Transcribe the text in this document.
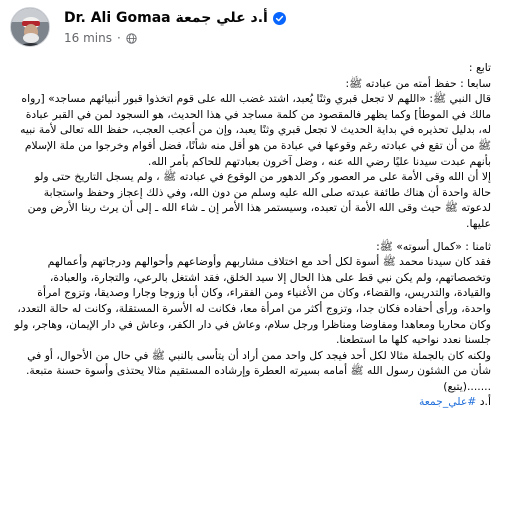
Dr. Ali Gomaa أ.د علي جمعة
16 mins ·

تابع :

سابعا : حفظ أمته من عبادته ﷺ:

قال النبي ﷺ: «اللهم لا تجعل قبري وثنًا يُعبد، اشتد غضب الله على قوم اتخذوا قبور أنبيائهم مساجد» [رواه مالك في الموطأ] وكما يظهر فالمقصود من كلمة مساجد في هذا الحديث، هو السجود لمن في القبر عبادة له، بدليل تحذيره في بداية الحديث لا تجعل قبري وثنًا يعبد، وإن من أعجب العجب، حفظ الله تعالى لأمة نبيه ﷺ من أن تقع في عبادته رغم وقوعها في عبادة من هو أقل منه شأنًا، فضل أقوام وخرجوا من ملة الإسلام بأنهم عبدت سيدنا عليًا رضي الله عنه ، وضل آخرون بعبادتهم للحاكم بأمر الله.

إلا أن الله وقى الأمة على مر العصور وكر الدهور من الوقوع في عبادته ﷺ ، ولم يسجل التاريخ حتى ولو حالة واحدة أن هناك طائفة عبدته صلى الله عليه وسلم من دون الله، وفي ذلك إعجاز وحفظ واستجابة لدعوته ﷺ حيث وقى الله الأمة أن تعبده، وسيستمر هذا الأمر إن ـ شاء الله ـ إلى أن يرث ربنا الأرض ومن عليها.

ثامنا : «كمال أسوته» ﷺ:

فقد كان سيدنا محمد ﷺ أسوة لكل أحد مع اختلاف مشاربهم وأوضاعهم وأحوالهم ودرجاتهم وأعمالهم وتخصصاتهم، ولم يكن نبي قط على هذا الحال إلا سيد الخلق، فقد اشتغل بالرعي، والتجارة، والعبادة، والقيادة، والتدريس، والقضاء، وكان من الأغنياء ومن الفقراء، وكان أبا وزوجا وجارا وصديقا، وتزوج امرأة واحدة، ورأى أحفاده فكان جدا، وتزوج أكثر من امرأة معا، فكانت له الأسرة المستقلة، وكانت له حالة التعدد، وكان محاربا ومعاهدا ومفاوضا ومناظرا ورجل سلام، وعاش في دار الكفر، وعاش في دار الإيمان، وهاجر، ولو جلسنا نعدد نواحيه كلها ما استطعنا.

ولكنه كان بالجملة مثالا لكل أحد فيجد كل واحد ممن أراد أن يتأسى بالنبي ﷺ في حال من الأحوال، أو في شأن من الشئون رسول الله ﷺ أمامه بسيرته العطرة وإرشاده المستقيم مثالا يحتذى وأسوة حسنة متبعة. .......(يتبع)

أ.د #علي_جمعة
